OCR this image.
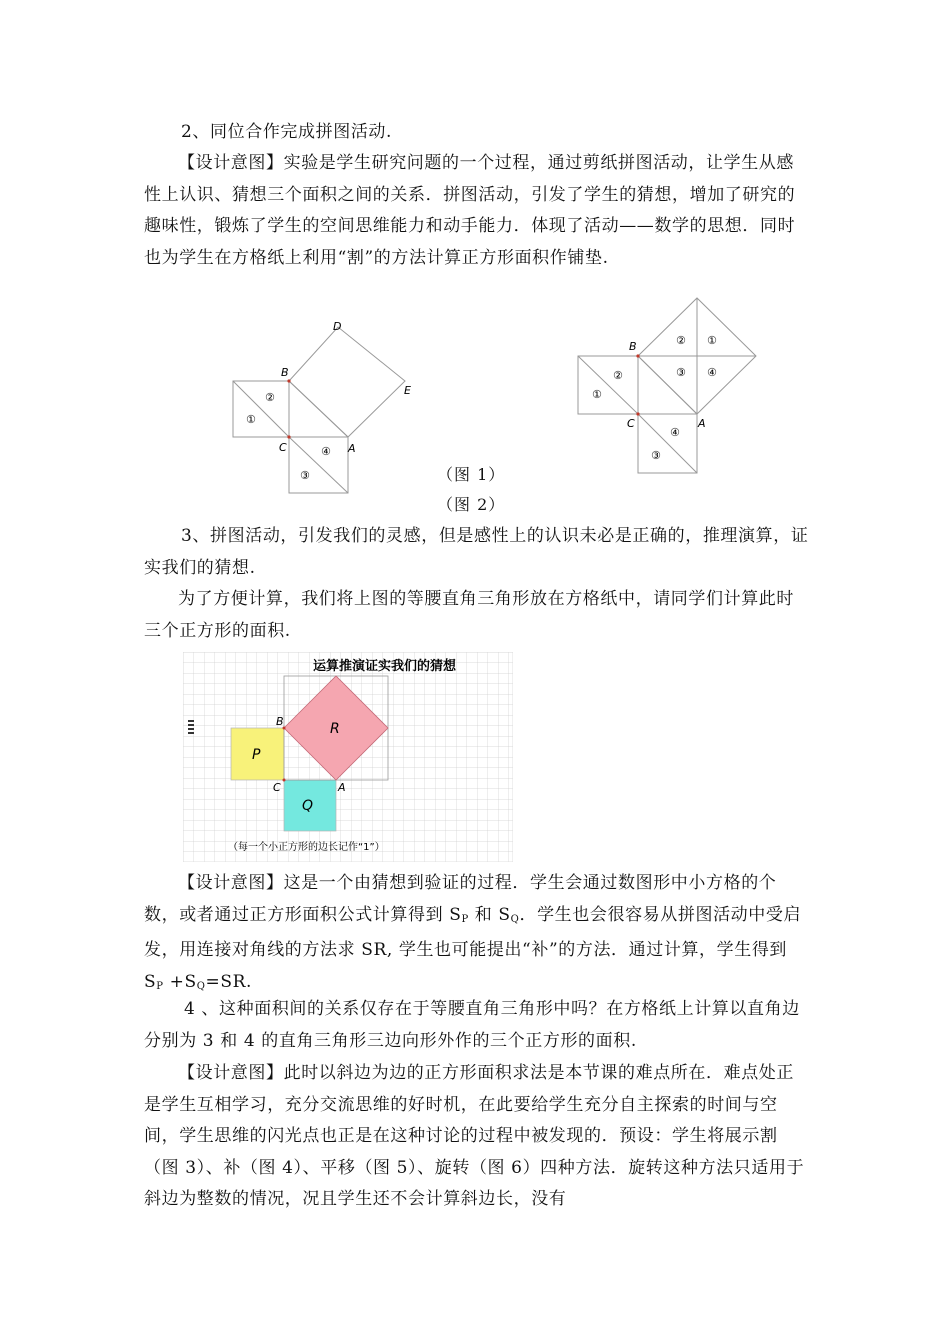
2、同位合作完成拼图活动.

【设计意图】实验是学生研究问题的一个过程，通过剪纸拼图活动，让学生从感性上认识、猜想三个面积之间的关系．拼图活动，引发了学生的猜想，增加了研究的趣味性，锻炼了学生的空间思维能力和动手能力．体现了活动——数学的思想．同时也为学生在方格纸上利用“割”的方法计算正方形面积作铺垫.

D
E
B
C	A
①
②
③
④
B
C	A
②
①
③ ④
② ①
④
③
（图 1）
（图 2）

3、拼图活动，引发我们的灵感，但是感性上的认识未必是正确的，推理演算，证实我们的猜想.

为了方便计算，我们将上图的等腰直角三角形放在方格纸中，请同学们计算此时三个正方形的面积.

运算推演证实我们的猜想
B
C	A
P
Q
R
（每一个小正方形的边长记作“1”）

【设计意图】这是一个由猜想到验证的过程．学生会通过数图形中小方格的个数，或者通过正方形面积公式计算得到 $S_P$ 和 $S_Q$．学生也会很容易从拼图活动中受启发，用连接对角线的方法求 SR, 学生也可能提出“补”的方法．通过计算，学生得到 $S_P +S_Q=SR$.

4 、这种面积间的关系仅存在于等腰直角三角形中吗？在方格纸上计算以直角边分别为 3 和 4 的直角三角形三边向形外作的三个正方形的面积.

【设计意图】此时以斜边为边的正方形面积求法是本节课的难点所在．难点处正是学生互相学习，充分交流思维的好时机，在此要给学生充分自主探索的时间与空间，学生思维的闪光点也正是在这种讨论的过程中被发现的．预设：学生将展示割（图 3）、补（图 4）、平移（图 5）、旋转（图 6）四种方法．旋转这种方法只适用于斜边为整数的情况，况且学生还不会计算斜边长，没有
